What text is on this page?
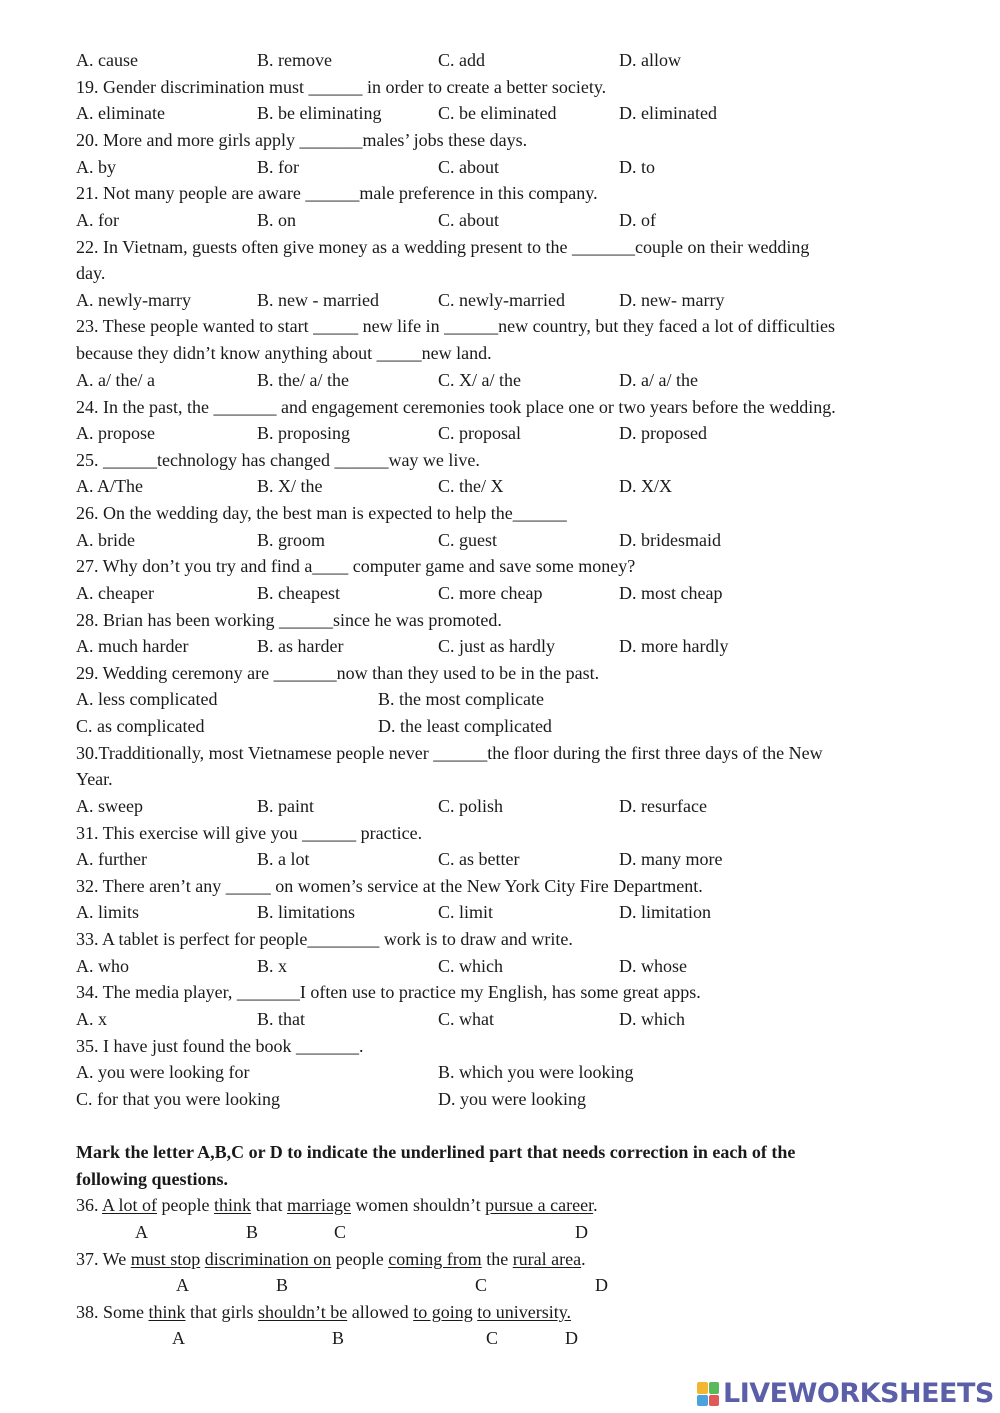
A. cause	B. remove	C. add	D. allow
19. Gender discrimination must ______ in order to create a better society.
A. eliminate	B. be eliminating	C. be eliminated	D. eliminated
20. More and more girls apply _______males’ jobs these days.
A. by	B. for	C. about	D. to
21. Not many people are aware ______male preference in this company.
A. for	B. on	C. about	D. of
22. In Vietnam, guests often give money as a wedding present to the _______couple on their wedding
day.
A. newly-marry	B. new - married	C. newly-married	D. new- marry
23. These people wanted to start _____ new life in ______new country, but they faced a lot of difficulties
because they didn’t know anything about _____new land.
A. a/ the/ a	B. the/ a/ the	C. X/ a/ the	D. a/ a/ the
24. In the past, the _______ and engagement ceremonies took place one or two years before the wedding.
A. propose	B. proposing	C. proposal	D. proposed
25. ______technology has changed ______way we live.
A. A/The	B. X/ the	C. the/ X	D. X/X
26. On the wedding day, the best man is expected to help the______
A. bride	B. groom	C. guest	D. bridesmaid
27. Why don’t you try and find a____ computer game and save some money?
A. cheaper	B. cheapest	C. more cheap	D. most cheap
28. Brian has been working ______since he was promoted.
A. much harder	B. as harder	C. just as hardly	D. more hardly
29. Wedding ceremony are _______now than they used to be in the past.
A. less complicated	B. the most complicate
C. as complicated	D. the least complicated
30.Tradditionally, most Vietnamese people never ______the floor during the first three days of the New
Year.
A. sweep	B. paint	C. polish	D. resurface
31. This exercise will give you ______ practice.
A. further	B. a lot	C. as better	D. many more
32. There aren’t any _____ on women’s service at the New York City Fire Department.
A. limits	B. limitations	C. limit	D. limitation
33. A tablet is perfect for people________ work is to draw and write.
A. who	B. x	C. which	D. whose
34. The media player, _______I often use to practice my English, has some great apps.
A. x	B. that	C. what	D. which
35. I have just found the book _______.
A. you were looking for	B. which you were looking
C. for that you were looking	D. you were looking
Mark the letter A,B,C or D to indicate the underlined part that needs correction in each of the
following questions.
36. A lot of people think that marriage women shouldn’t pursue a career.
A	B	C	D
37. We must stop discrimination on people coming from the rural area.
A	B	C	D
38. Some think that girls shouldn’t be allowed to going to university.
A	B	C	D
LIVEWORKSHEETS
